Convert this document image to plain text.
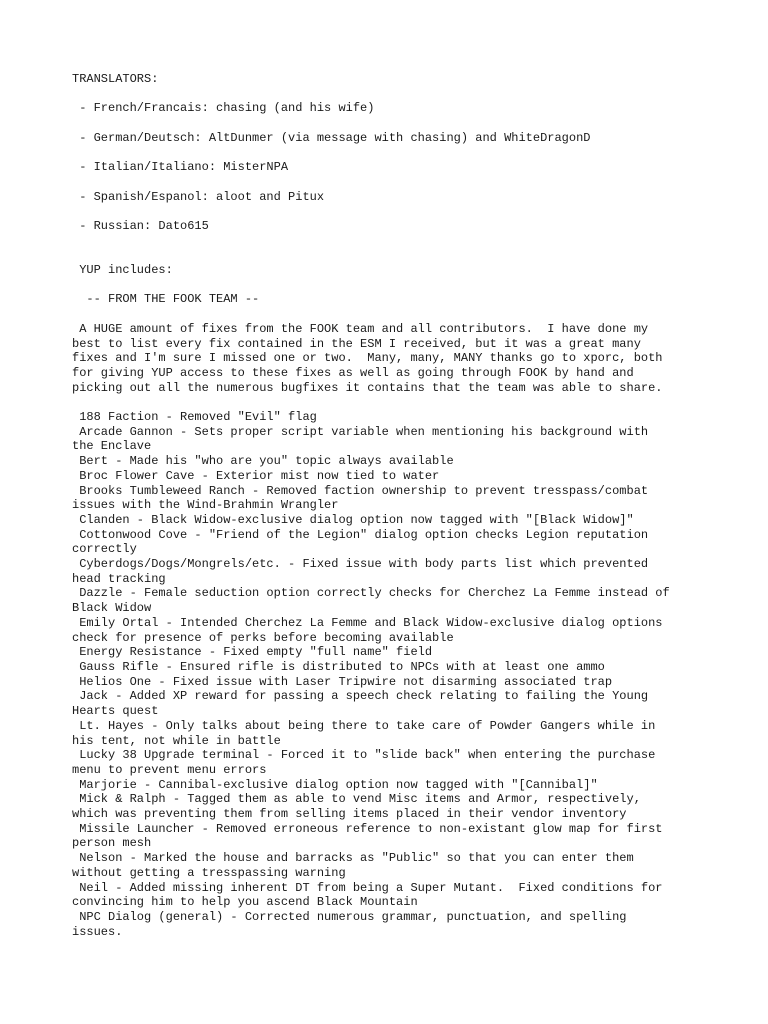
TRANSLATORS:
- French/Francais: chasing (and his wife)
- German/Deutsch: AltDunmer (via message with chasing) and WhiteDragonD
- Italian/Italiano: MisterNPA
- Spanish/Espanol: aloot and Pitux
- Russian: Dato615
YUP includes:
-- FROM THE FOOK TEAM --
A HUGE amount of fixes from the FOOK team and all contributors.  I have done my
best to list every fix contained in the ESM I received, but it was a great many
fixes and I'm sure I missed one or two.  Many, many, MANY thanks go to xporc, both
for giving YUP access to these fixes as well as going through FOOK by hand and
picking out all the numerous bugfixes it contains that the team was able to share.
188 Faction - Removed "Evil" flag
Arcade Gannon - Sets proper script variable when mentioning his background with
the Enclave
Bert - Made his "who are you" topic always available
Broc Flower Cave - Exterior mist now tied to water
Brooks Tumbleweed Ranch - Removed faction ownership to prevent tresspass/combat
issues with the Wind-Brahmin Wrangler
Clanden - Black Widow-exclusive dialog option now tagged with "[Black Widow]"
Cottonwood Cove - "Friend of the Legion" dialog option checks Legion reputation
correctly
Cyberdogs/Dogs/Mongrels/etc. - Fixed issue with body parts list which prevented
head tracking
Dazzle - Female seduction option correctly checks for Cherchez La Femme instead of
Black Widow
Emily Ortal - Intended Cherchez La Femme and Black Widow-exclusive dialog options
check for presence of perks before becoming available
Energy Resistance - Fixed empty "full name" field
Gauss Rifle - Ensured rifle is distributed to NPCs with at least one ammo
Helios One - Fixed issue with Laser Tripwire not disarming associated trap
Jack - Added XP reward for passing a speech check relating to failing the Young
Hearts quest
Lt. Hayes - Only talks about being there to take care of Powder Gangers while in
his tent, not while in battle
Lucky 38 Upgrade terminal - Forced it to "slide back" when entering the purchase
menu to prevent menu errors
Marjorie - Cannibal-exclusive dialog option now tagged with "[Cannibal]"
Mick & Ralph - Tagged them as able to vend Misc items and Armor, respectively,
which was preventing them from selling items placed in their vendor inventory
Missile Launcher - Removed erroneous reference to non-existant glow map for first
person mesh
Nelson - Marked the house and barracks as "Public" so that you can enter them
without getting a tresspassing warning
Neil - Added missing inherent DT from being a Super Mutant.  Fixed conditions for
convincing him to help you ascend Black Mountain
NPC Dialog (general) - Corrected numerous grammar, punctuation, and spelling
issues.
